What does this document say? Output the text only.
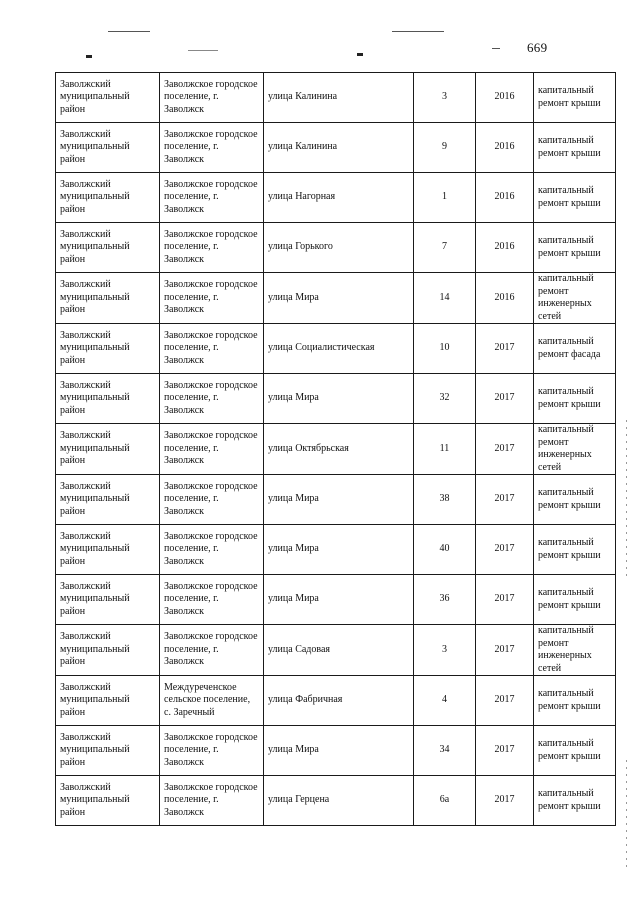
669
Заволжский муниципальный район	Заволжское городское поселение, г. Заволжск	улица Калинина	3	2016	капитальный ремонт крыши
Заволжский муниципальный район	Заволжское городское поселение, г. Заволжск	улица Калинина	9	2016	капитальный ремонт крыши
Заволжский муниципальный район	Заволжское городское поселение, г. Заволжск	улица Нагорная	1	2016	капитальный ремонт крыши
Заволжский муниципальный район	Заволжское городское поселение, г. Заволжск	улица Горького	7	2016	капитальный ремонт крыши
Заволжский муниципальный район	Заволжское городское поселение, г. Заволжск	улица Мира	14	2016	капитальный ремонт инженерных сетей
Заволжский муниципальный район	Заволжское городское поселение, г. Заволжск	улица Социалистическая	10	2017	капитальный ремонт фасада
Заволжский муниципальный район	Заволжское городское поселение, г. Заволжск	улица Мира	32	2017	капитальный ремонт крыши
Заволжский муниципальный район	Заволжское городское поселение, г. Заволжск	улица Октябрьская	11	2017	капитальный ремонт инженерных сетей
Заволжский муниципальный район	Заволжское городское поселение, г. Заволжск	улица Мира	38	2017	капитальный ремонт крыши
Заволжский муниципальный район	Заволжское городское поселение, г. Заволжск	улица Мира	40	2017	капитальный ремонт крыши
Заволжский муниципальный район	Заволжское городское поселение, г. Заволжск	улица Мира	36	2017	капитальный ремонт крыши
Заволжский муниципальный район	Заволжское городское поселение, г. Заволжск	улица Садовая	3	2017	капитальный ремонт инженерных сетей
Заволжский муниципальный район	Междуреченское сельское поселение, с. Заречный	улица Фабричная	4	2017	капитальный ремонт крыши
Заволжский муниципальный район	Заволжское городское поселение, г. Заволжск	улица Мира	34	2017	капитальный ремонт крыши
Заволжский муниципальный район	Заволжское городское поселение, г. Заволжск	улица Герцена	6а	2017	капитальный ремонт крыши
